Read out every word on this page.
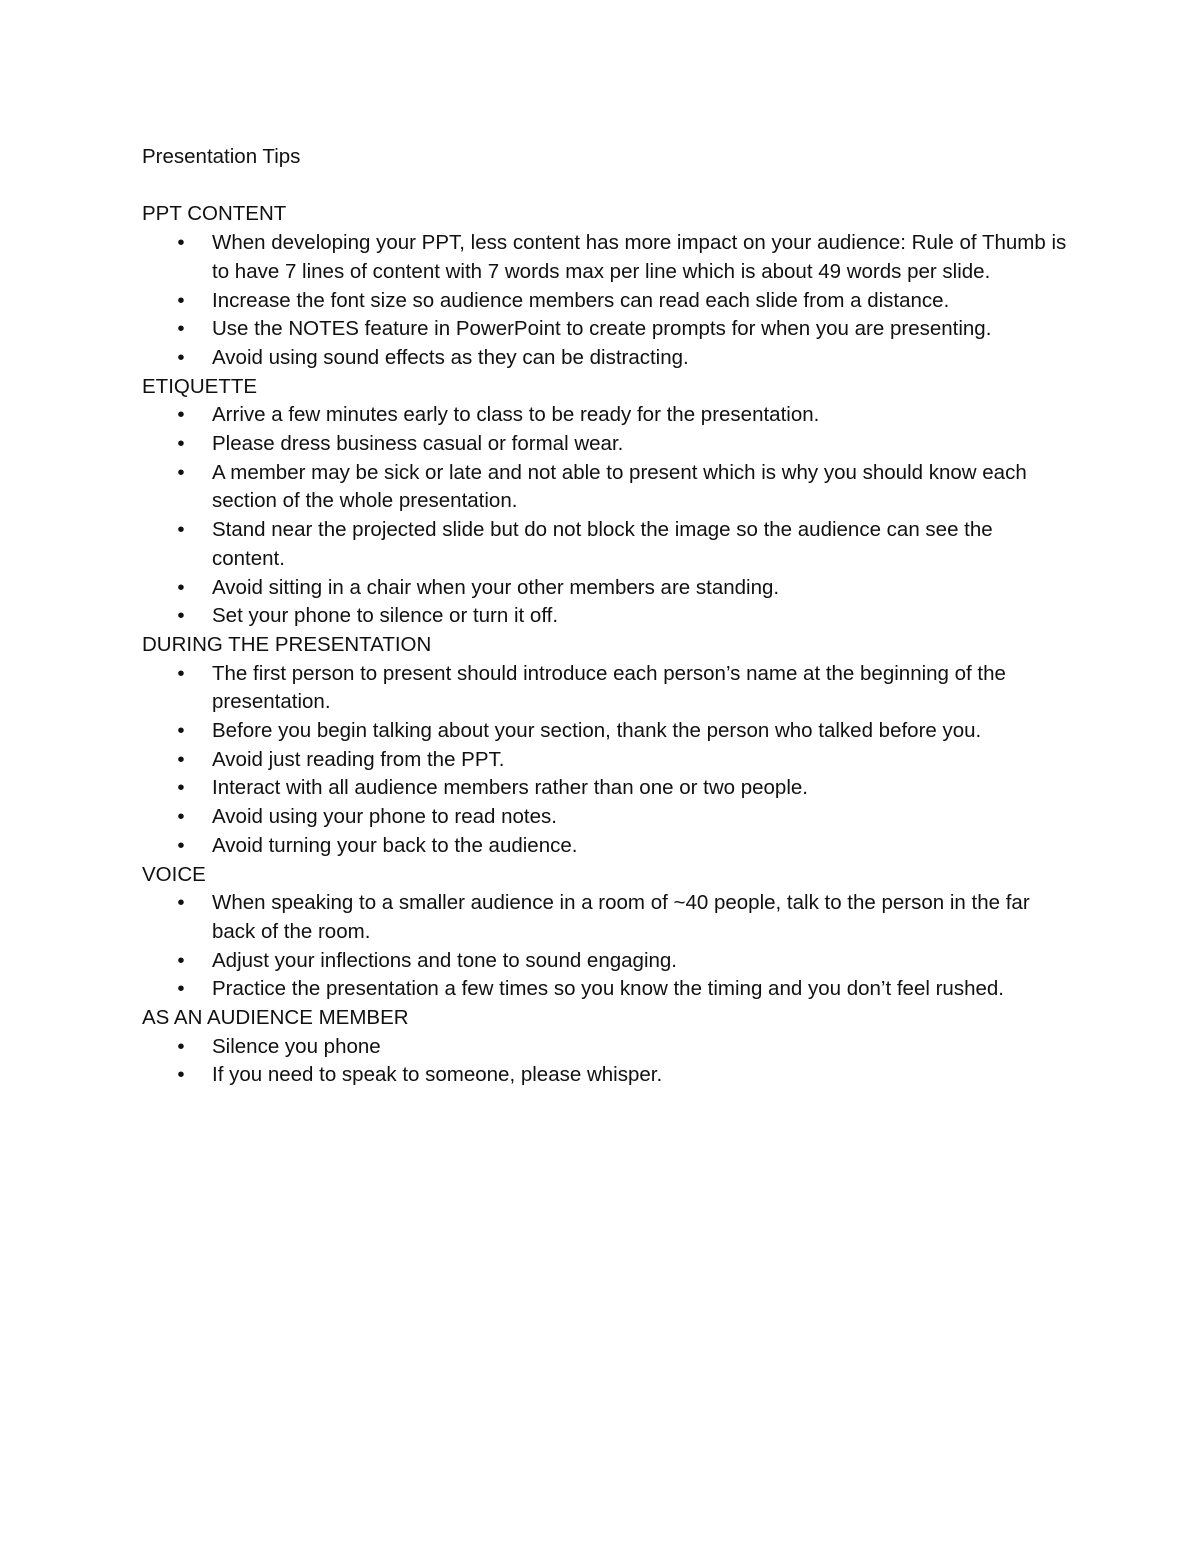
Presentation Tips
PPT CONTENT
• When developing your PPT, less content has more impact on your audience: Rule of Thumb is to have 7 lines of content with 7 words max per line which is about 49 words per slide.
• Increase the font size so audience members can read each slide from a distance.
• Use the NOTES feature in PowerPoint to create prompts for when you are presenting.
• Avoid using sound effects as they can be distracting.
ETIQUETTE
• Arrive a few minutes early to class to be ready for the presentation.
• Please dress business casual or formal wear.
• A member may be sick or late and not able to present which is why you should know each section of the whole presentation.
• Stand near the projected slide but do not block the image so the audience can see the content.
• Avoid sitting in a chair when your other members are standing.
• Set your phone to silence or turn it off.
DURING THE PRESENTATION
• The first person to present should introduce each person’s name at the beginning of the presentation.
• Before you begin talking about your section, thank the person who talked before you.
• Avoid just reading from the PPT.
• Interact with all audience members rather than one or two people.
• Avoid using your phone to read notes.
• Avoid turning your back to the audience.
VOICE
• When speaking to a smaller audience in a room of ~40 people, talk to the person in the far back of the room.
• Adjust your inflections and tone to sound engaging.
• Practice the presentation a few times so you know the timing and you don’t feel rushed.
AS AN AUDIENCE MEMBER
• Silence you phone
• If you need to speak to someone, please whisper.
